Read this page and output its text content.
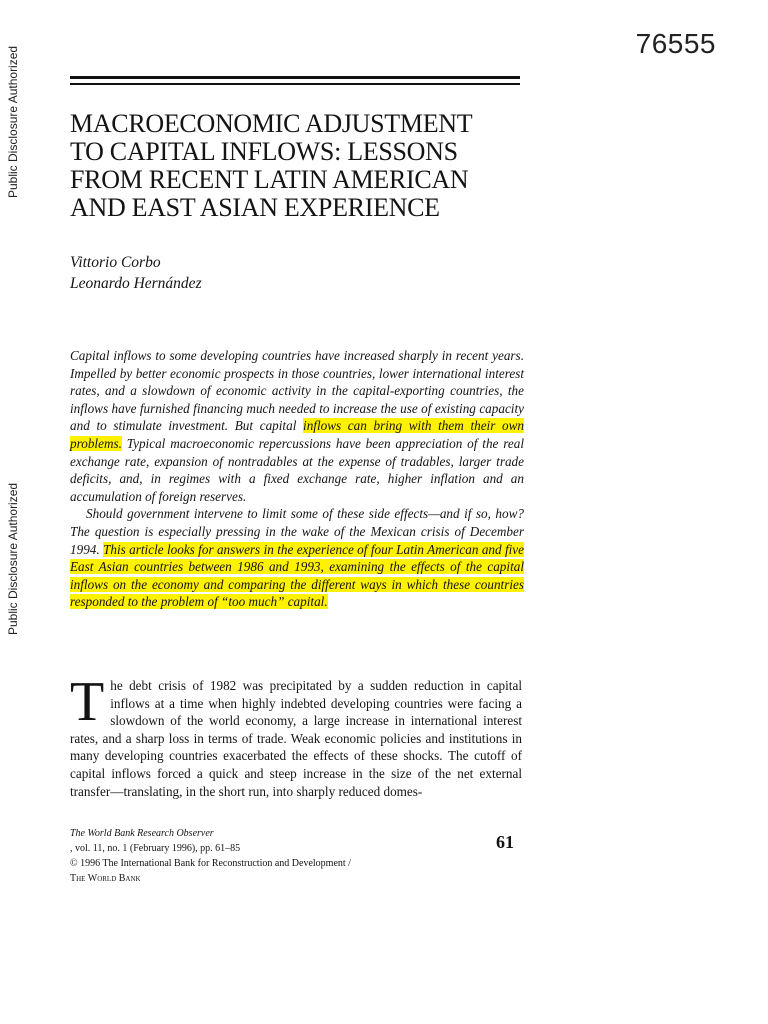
Public Disclosure Authorized
Public Disclosure Authorized
76555
MACROECONOMIC ADJUSTMENT
TO CAPITAL INFLOWS: LESSONS
FROM RECENT LATIN AMERICAN
AND EAST ASIAN EXPERIENCE
Vittorio Corbo
Leonardo Hernández

Capital inflows to some developing countries have increased sharply in recent years. Impelled by better economic prospects in those countries, lower international interest rates, and a slowdown of economic activity in the capital-exporting countries, the inflows have furnished financing much needed to increase the use of existing capacity and to stimulate investment. But capital inflows can bring with them their own problems. Typical macroeconomic repercussions have been appreciation of the real exchange rate, expansion of nontradables at the expense of tradables, larger trade deficits, and, in regimes with a fixed exchange rate, higher inflation and an accumulation of foreign reserves.

Should government intervene to limit some of these side effects—and if so, how? The question is especially pressing in the wake of the Mexican crisis of December 1994. This article looks for answers in the experience of four Latin American and five East Asian countries between 1986 and 1993, examining the effects of the capital inflows on the economy and comparing the different ways in which these countries responded to the problem of “too much” capital.

The debt crisis of 1982 was precipitated by a sudden reduction in capital inflows at a time when highly indebted developing countries were facing a slowdown of the world economy, a large increase in international interest rates, and a sharp loss in terms of trade. Weak economic policies and institutions in many developing countries exacerbated the effects of these shocks. The cutoff of capital inflows forced a quick and steep increase in the size of the net external transfer—translating, in the short run, into sharply reduced domes-
The World Bank Research Observer
, vol. 11, no. 1 (February 1996), pp. 61–85
© 1996 The International Bank for Reconstruction and Development /
The World Bank
61
